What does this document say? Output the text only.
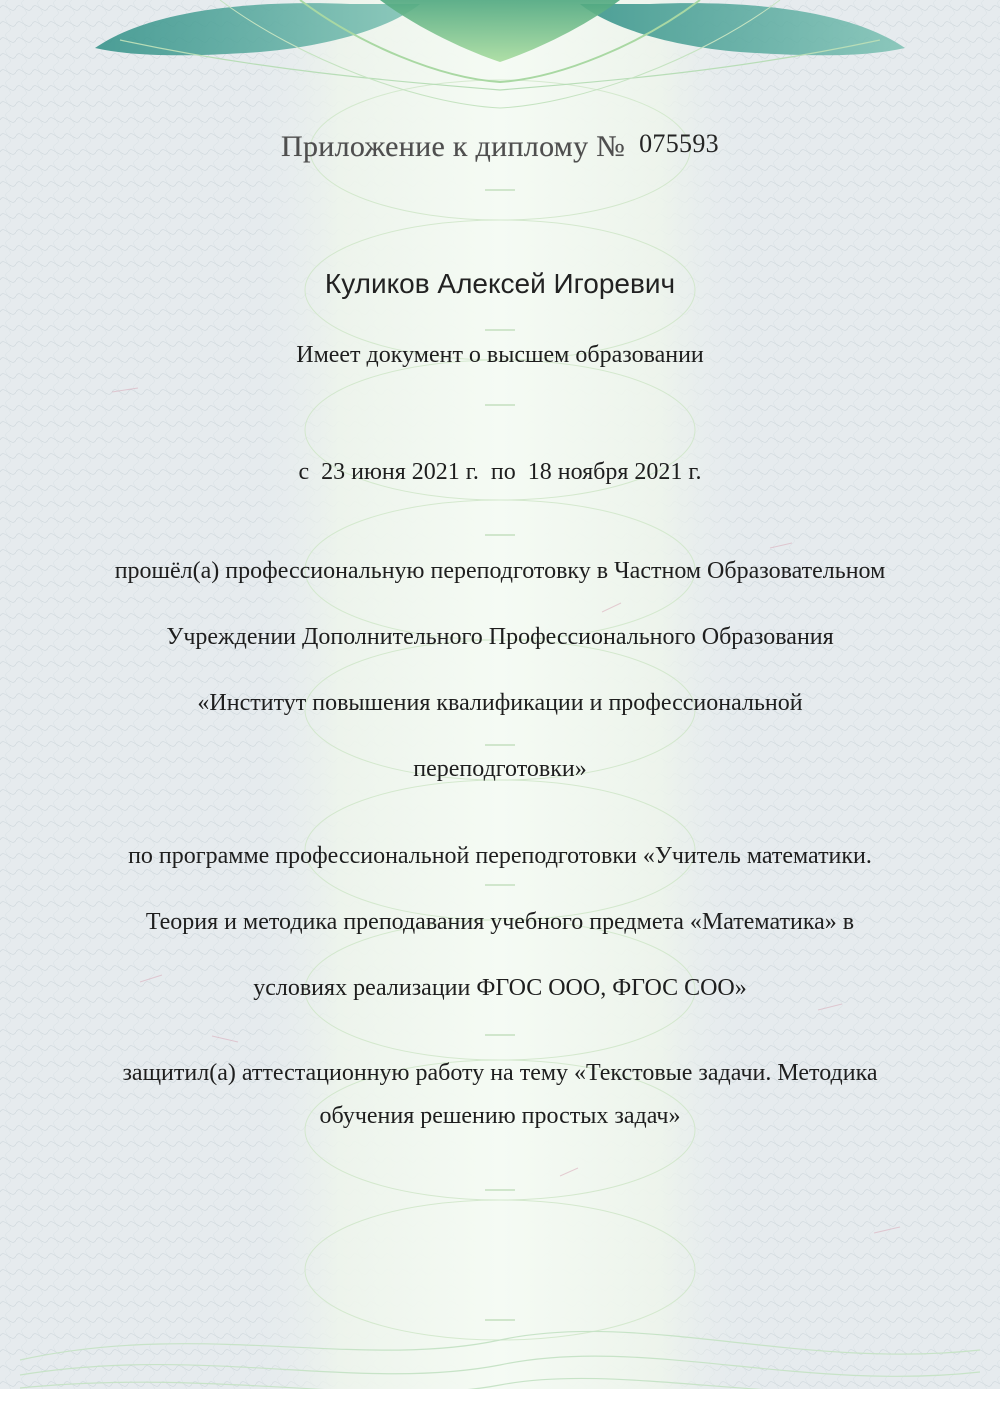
Приложение к диплому № 075593
Куликов Алексей Игоревич
Имеет документ о высшем образовании
с 23 июня 2021 г. по 18 ноября 2021 г.
прошёл(а) профессиональную переподготовку в Частном Образовательном
Учреждении Дополнительного Профессионального Образования
«Институт повышения квалификации и профессиональной
переподготовки»
по программе профессиональной переподготовки «Учитель математики.
Теория и методика преподавания учебного предмета «Математика» в
условиях реализации ФГОС ООО, ФГОС СОО»
защитил(а) аттестационную работу на тему «Текстовые задачи. Методика
обучения решению простых задач»
